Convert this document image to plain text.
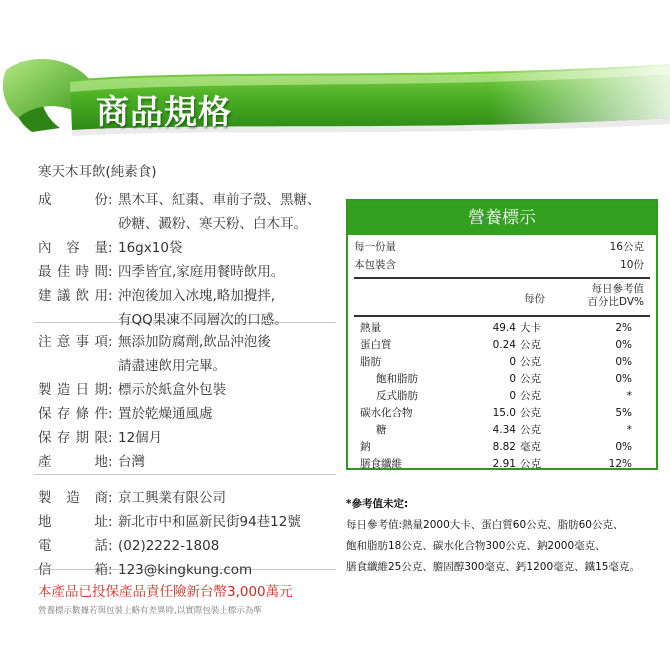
商品規格
寒天木耳飲(純素食)
成	份 : 黑木耳、紅棗、車前子殼、黑糖、
砂糖、澱粉、寒天粉、白木耳。
內 容 量 : 16gx10袋
最 佳 時 間 : 四季皆宜,家庭用餐時飲用。
建 議 飲 用 : 沖泡後加入冰塊,略加攪拌,
有QQ果凍不同層次的口感。
注 意 事 項 : 無添加防腐劑,飲品沖泡後
請盡速飲用完畢。
製 造 日 期 : 標示於紙盒外包裝
保 存 條 件 : 置於乾燥通風處
保 存 期 限 : 12個月
產	地 : 台灣
製 造 商 : 京工興業有限公司
地	址 : 新北市中和區新民街94巷12號
電	話 : (02)2222-1808
信	箱 : 123@kingkung.com
本產品已投保產品責任險新台幣3,000萬元
營養標示數據若與包裝上略有差異時,以實際包裝上標示為準
營養標示
每一份量	16公克
本包裝含	10份
每份
每日參考值
百分比DV%
熱量	49.4 大卡	2%
蛋白質	0.24 公克	0%
脂肪	0 公克	0%
飽和脂肪	0 公克	0%
反式脂肪	0 公克	*
碳水化合物	15.0 公克	5%
糖	4.34 公克	*
鈉	8.82 毫克	0%
膳食纖維	2.91 公克	12%
*參考值未定:
每日參考值:熱量2000大卡、蛋白質60公克、脂肪60公克、
飽和脂肪18公克、碳水化合物300公克、鈉2000毫克、
膳食纖維25公克、膽固醇300毫克、鈣1200毫克、鐵15毫克。
